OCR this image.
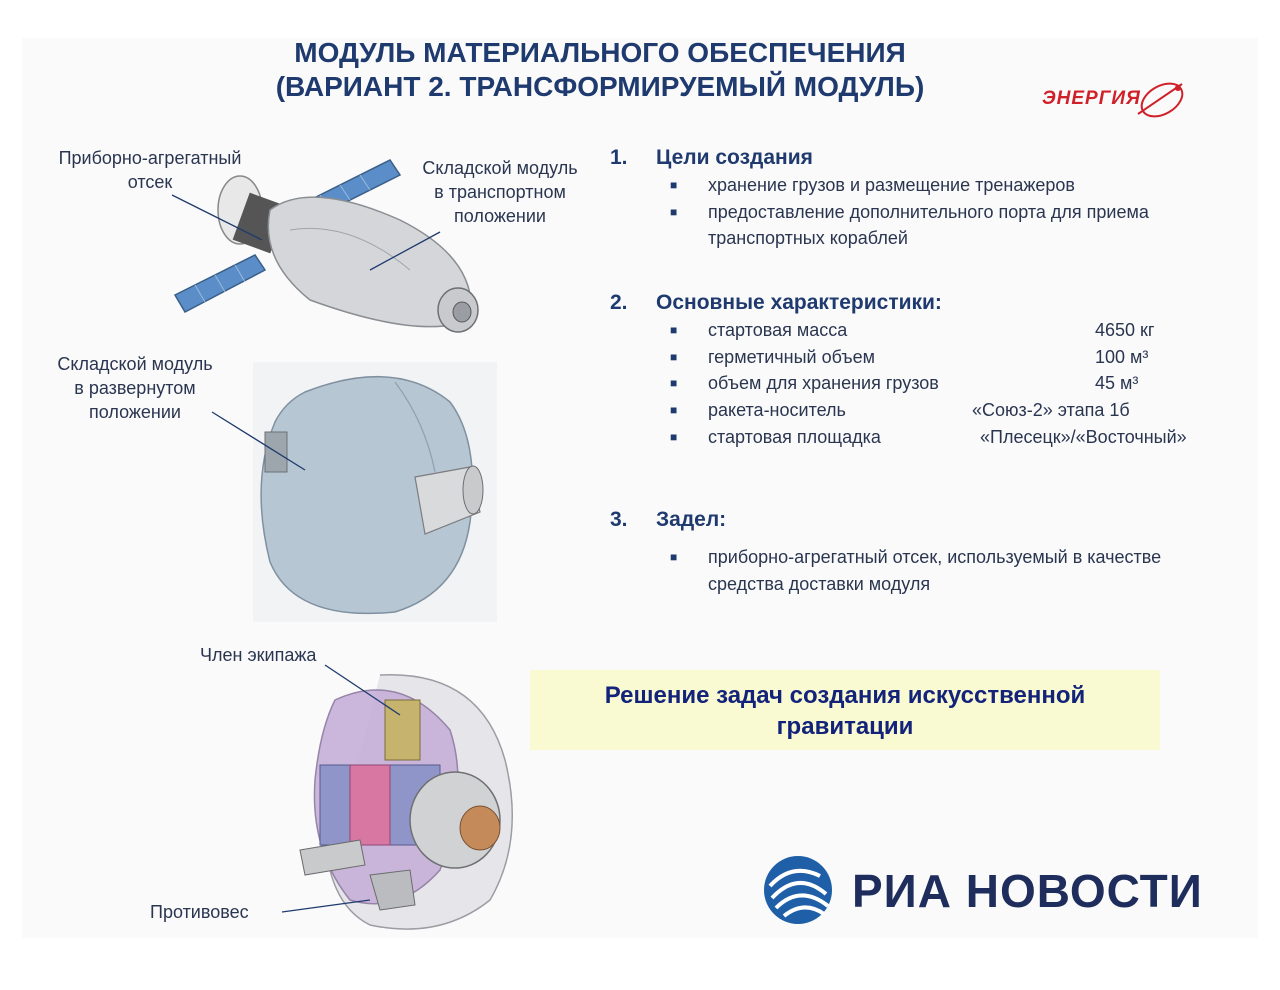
МОДУЛЬ МАТЕРИАЛЬНОГО ОБЕСПЕЧЕНИЯ
(ВАРИАНТ 2. ТРАНСФОРМИРУЕМЫЙ МОДУЛЬ)	ЭНЕРГИЯ
Приборно-агрегатный
отсек
Складской модуль
в транспортном
положении
Складской модуль
в развернутом
положении
Член экипажа
Противовес
1. Цели создания
■ хранение грузов и размещение тренажеров
■ предоставление дополнительного порта для приема
транспортных кораблей
2. Основные характеристики:
■ стартовая масса	4650 кг
■ герметичный объем	100 м³
■ объем для хранения грузов	45 м³
■ ракета-носитель	«Союз-2» этапа 1б
■ стартовая площадка	«Плесецк»/«Восточный»
3. Задел:
■ приборно-агрегатный отсек, используемый в качестве
средства доставки модуля
Решение задач создания искусственной
гравитации
РИА НОВОСТИ
